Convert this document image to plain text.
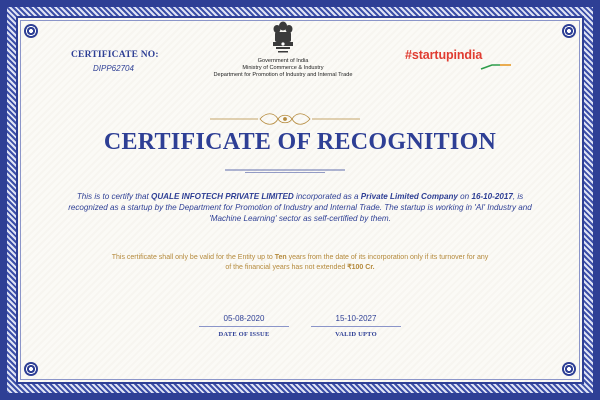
CERTIFICATE NO:
DIPP62704
Government of India
Ministry of Commerce & Industry
Department for Promotion of Industry and Internal Trade
#startupindia
CERTIFICATE OF RECOGNITION
This is to certify that QUALE INFOTECH PRIVATE LIMITED incorporated as a Private Limited Company on 16-10-2017, is recognized as a startup by the Department for Promotion of Industry and Internal Trade. The startup is working in 'AI' Industry and 'Machine Learning' sector as self-certified by them.
This certificate shall only be valid for the Entity up to Ten years from the date of its incorporation only if its turnover for any of the financial years has not extended ₹100 Cr.
05-08-2020
DATE OF ISSUE
15-10-2027
VALID UPTO
